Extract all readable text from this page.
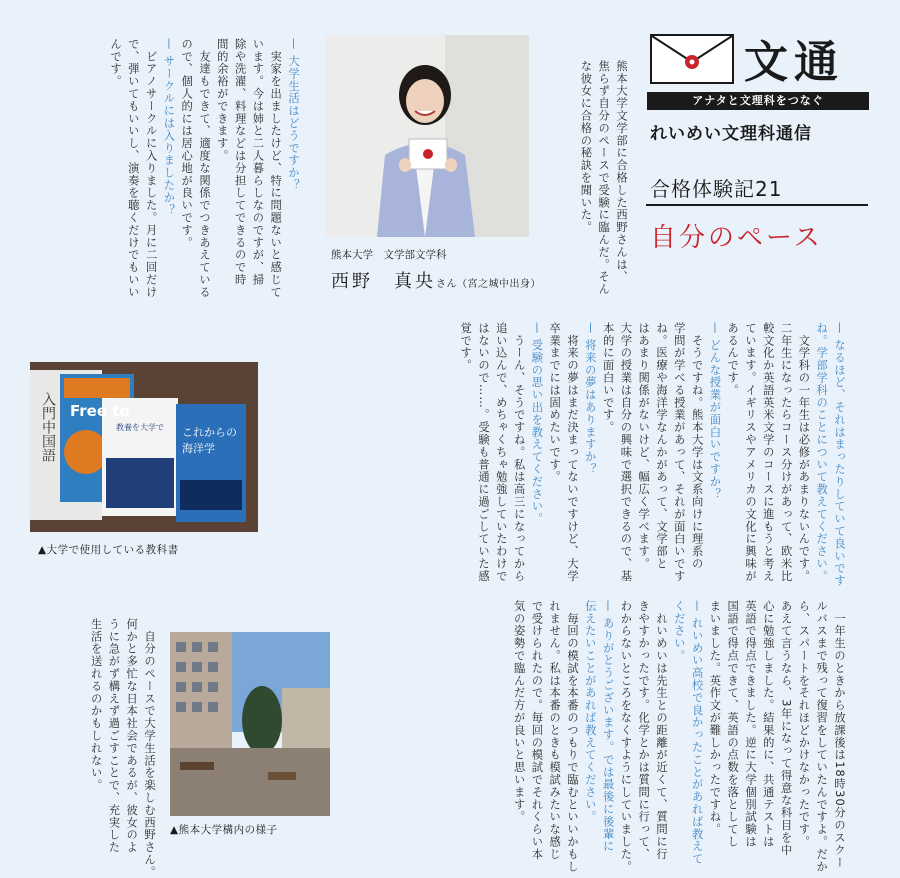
文通
アナタと文理科をつなぐ
れいめい文理科通信
合格体験記21
自分のペース
熊本大学　文学部文学科
西野　真央さん（宮之城中出身）
入門中国語 Free to
教養を大学で これからの海洋学
▲大学で使用している教科書
▲熊本大学構内の様子
熊本大学文学部に合格した西野さんは、
焦らず自分のペースで受験に臨んだ。そん
な彼女に合格の秘訣を聞いた。
— なるほど、それはまったりしていて良いです
ね。学部学科のことについて教えてください。
　文学科の一年生は必修があまりないんです。
二年生になったらコース分けがあって、欧米比
較文化か英語英米文学のコースに進もうと考え
ています。イギリスやアメリカの文化に興味が
あるんです。
— どんな授業が面白いですか？
　そうですね。熊本大学は文系向けに理系の
学問が学べる授業があって、それが面白いです
ね。医療や海洋学なんかがあって、文学部と
はあまり関係がないけど、幅広く学べます。
大学の授業は自分の興味で選択できるので、基
本的に面白いです。
— 将来の夢はありますか？
　将来の夢はまだ決まってないですけど、大学
卒業までには固めたいです。
— 受験の思い出を教えてください。
　うーん、そうですね。私は高三になってから
追い込んで、めちゃくちゃ勉強していたわけで
はないので……。受験も普通に過ごしていた感
覚です。
— 大学生活はどうですか？
　実家を出ましたけど、特に問題ないと感じて
います。今は姉と二人暮らしなのですが、掃
除や洗濯、料理などは分担してできるので時
間的余裕ができます。
　友達もできて、適度な関係でつきあえている
ので、個人的には居心地が良いです。
— サークルには入りましたか？
　ピアノサークルに入りました。月に二回だけ
で、弾いてもいいし、演奏を聴くだけでもいい
んです。
　一年生のときから放課後は18時30分のスクー
ルバスまで残って復習をしていたんですよ。だか
ら、スパートをそれほどかけなかったです。
あえて言うなら、3年になって得意な科目を中
心に勉強しました。結果的に、共通テストは
英語で得点できました。逆に大学個別試験は
国語で得点できて、英語の点数を落としてし
まいました。英作文が難しかったですね。
— れいめい高校で良かったことがあれば教えて
ください。
　れいめいは先生との距離が近くて、質問に行
きやすかったです。化学とかは質問に行って、
わからないところをなくすようにしていました。
— ありがとうございます。では最後に後輩に
伝えたいことがあれば教えてください。
　毎回の模試を本番のつもりで臨むといいかもし
れません。私は本番のときも模試みたいな感じ
で受けられたので。毎回の模試でそれくらい本
気の姿勢で臨んだ方が良いと思います。
　自分のペースで大学生活を楽しむ西野さん。
何かと多忙な日本社会であるが、彼女のよ
うに急がず構えず過ごすことで、充実した
生活を送れるのかもしれない。
